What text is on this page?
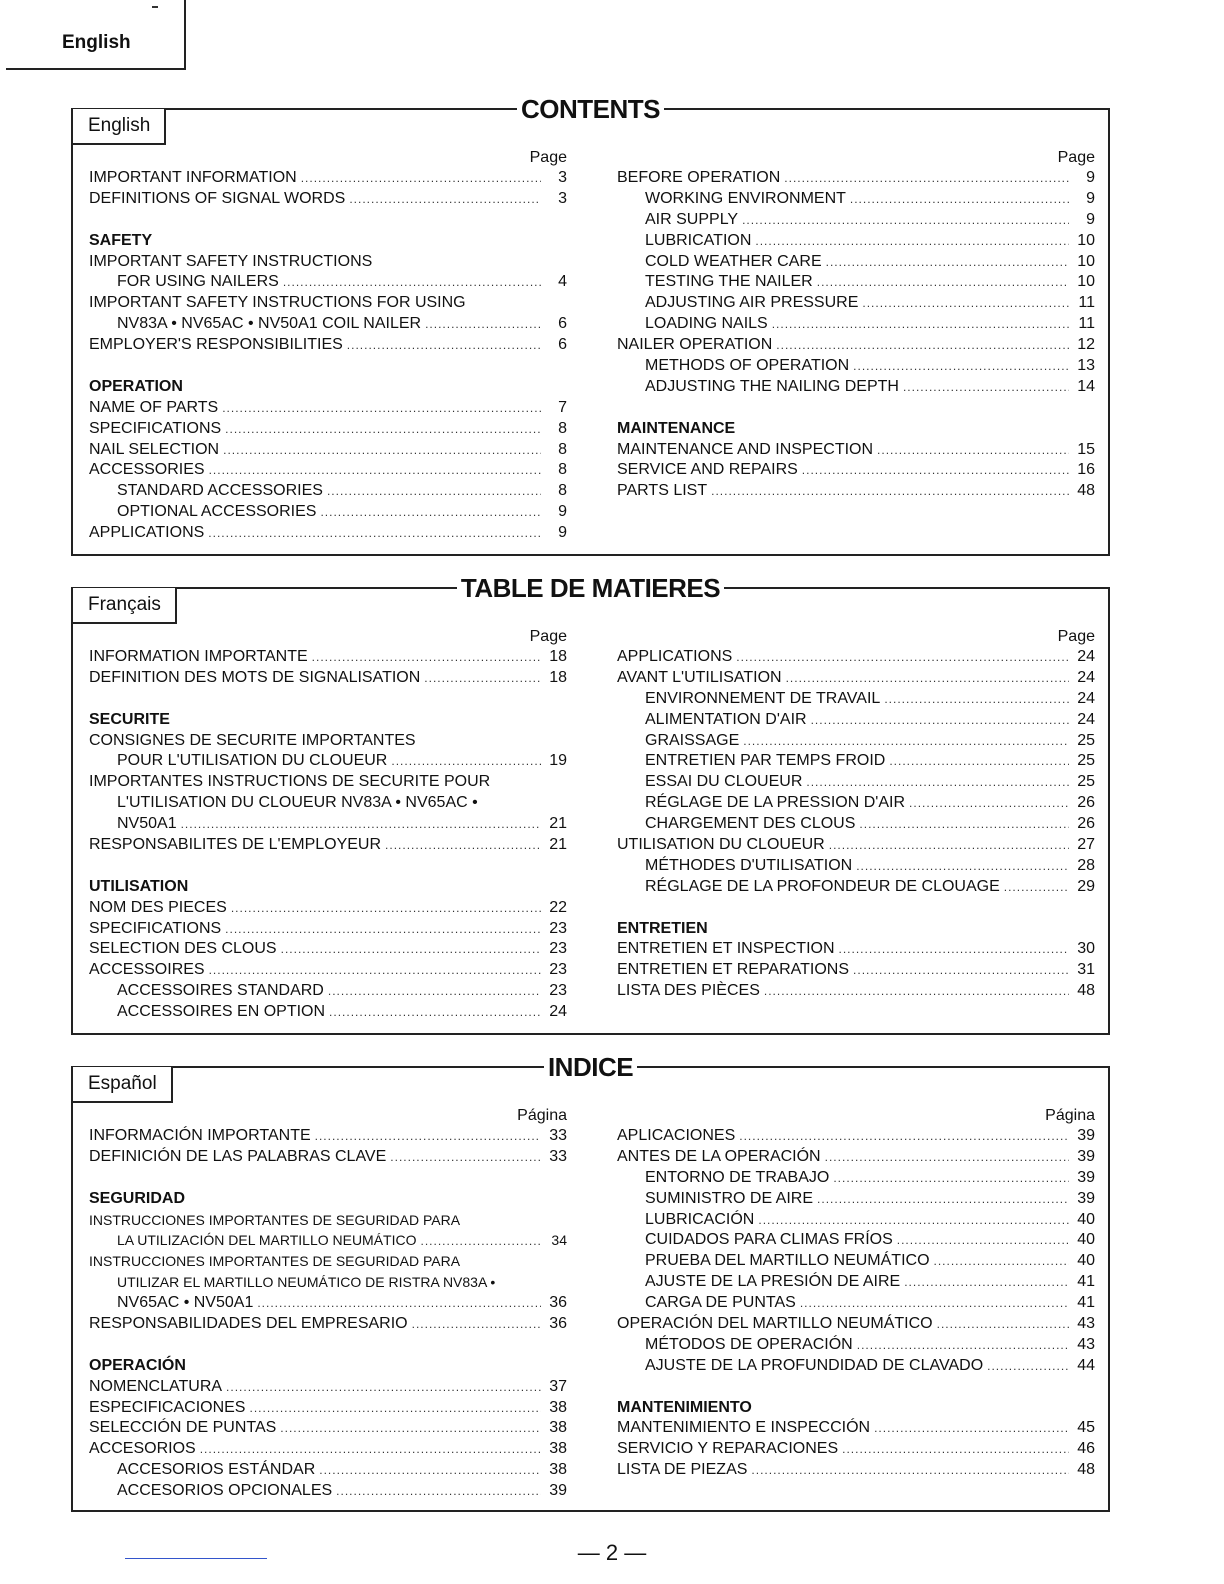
English
CONTENTS
English
Page
IMPORTANT INFORMATION .....	3
DEFINITIONS OF SIGNAL WORDS .....	3
SAFETY
IMPORTANT SAFETY INSTRUCTIONS
FOR USING NAILERS .....	4
IMPORTANT SAFETY INSTRUCTIONS FOR USING
NV83A • NV65AC • NV50A1 COIL NAILER .....	6
EMPLOYER'S RESPONSIBILITIES .....	6
OPERATION
NAME OF PARTS .....	7
SPECIFICATIONS .....	8
NAIL SELECTION .....	8
ACCESSORIES .....	8
STANDARD ACCESSORIES .....	8
OPTIONAL ACCESSORIES .....	9
APPLICATIONS .....	9
Page
BEFORE OPERATION .....	9
WORKING ENVIRONMENT .....	9
AIR SUPPLY .....	9
LUBRICATION .....	10
COLD WEATHER CARE .....	10
TESTING THE NAILER .....	10
ADJUSTING AIR PRESSURE .....	11
LOADING NAILS .....	11
NAILER OPERATION .....	12
METHODS OF OPERATION .....	13
ADJUSTING THE NAILING DEPTH .....	14
MAINTENANCE
MAINTENANCE AND INSPECTION .....	15
SERVICE AND REPAIRS .....	16
PARTS LIST .....	48
TABLE DE MATIERES
Français
Page
INFORMATION IMPORTANTE .....	18
DEFINITION DES MOTS DE SIGNALISATION .....	18
SECURITE
CONSIGNES DE SECURITE IMPORTANTES
POUR L'UTILISATION DU CLOUEUR .....	19
IMPORTANTES INSTRUCTIONS DE SECURITE POUR
L'UTILISATION DU CLOUEUR NV83A • NV65AC •
NV50A1 .....	21
RESPONSABILITES DE L'EMPLOYEUR .....	21
UTILISATION
NOM DES PIECES .....	22
SPECIFICATIONS .....	23
SELECTION DES CLOUS .....	23
ACCESSOIRES .....	23
ACCESSOIRES STANDARD .....	23
ACCESSOIRES EN OPTION .....	24
Page
APPLICATIONS .....	24
AVANT L'UTILISATION .....	24
ENVIRONNEMENT DE TRAVAIL .....	24
ALIMENTATION D'AIR .....	24
GRAISSAGE .....	25
ENTRETIEN PAR TEMPS FROID .....	25
ESSAI DU CLOUEUR .....	25
RÉGLAGE DE LA PRESSION D'AIR .....	26
CHARGEMENT DES CLOUS .....	26
UTILISATION DU CLOUEUR .....	27
MÉTHODES D'UTILISATION .....	28
RÉGLAGE DE LA PROFONDEUR DE CLOUAGE .....	29
ENTRETIEN
ENTRETIEN ET INSPECTION .....	30
ENTRETIEN ET REPARATIONS .....	31
LISTA DES PIÈCES .....	48
INDICE
Español
Página
INFORMACIÓN IMPORTANTE .....	33
DEFINICIÓN DE LAS PALABRAS CLAVE .....	33
SEGURIDAD
INSTRUCCIONES IMPORTANTES DE SEGURIDAD PARA
LA UTILIZACIÓN DEL MARTILLO NEUMÁTICO .....	34
INSTRUCCIONES IMPORTANTES DE SEGURIDAD PARA
UTILIZAR EL MARTILLO NEUMÁTICO DE RISTRA NV83A •
NV65AC • NV50A1 .....	36
RESPONSABILIDADES DEL EMPRESARIO .....	36
OPERACIÓN
NOMENCLATURA .....	37
ESPECIFICACIONES .....	38
SELECCIÓN DE PUNTAS .....	38
ACCESORIOS .....	38
ACCESORIOS ESTÁNDAR .....	38
ACCESORIOS OPCIONALES .....	39
Página
APLICACIONES .....	39
ANTES DE LA OPERACIÓN .....	39
ENTORNO DE TRABAJO .....	39
SUMINISTRO DE AIRE .....	39
LUBRICACIÓN .....	40
CUIDADOS PARA CLIMAS FRÍOS .....	40
PRUEBA DEL MARTILLO NEUMÁTICO .....	40
AJUSTE DE LA PRESIÓN DE AIRE .....	41
CARGA DE PUNTAS .....	41
OPERACIÓN DEL MARTILLO NEUMÁTICO .....	43
MÉTODOS DE OPERACIÓN .....	43
AJUSTE DE LA PROFUNDIDAD DE CLAVADO .....	44
MANTENIMIENTO
MANTENIMIENTO E INSPECCIÓN .....	45
SERVICIO Y REPARACIONES .....	46
LISTA DE PIEZAS .....	48
— 2 —
